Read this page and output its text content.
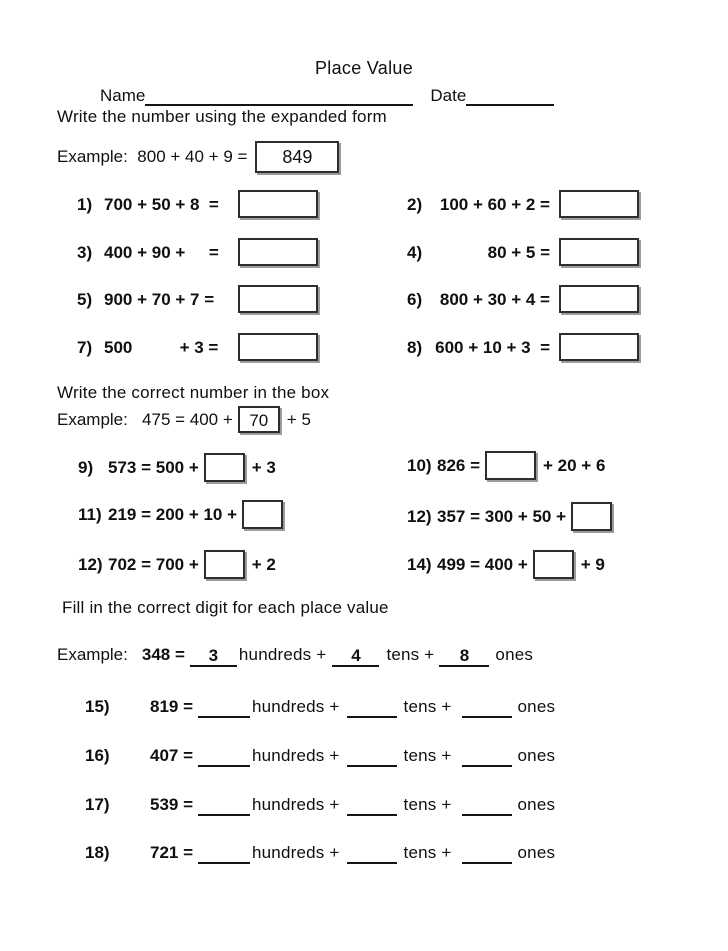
Place Value
Name	Date
Write the number using the expanded form
Example:  800 + 40 + 9 = 849
1) 700 + 50 + 8  =	2)	100 + 60 + 2 =
3) 400 + 90 +     =	4)	80 + 5 =
5) 900 + 70 + 7 =	6)	800 + 30 + 4 =
7) 500          + 3 =	8) 600 + 10 + 3  =
Write the correct number in the box
Example:   475 = 400 + 70 + 5
9) 573 = 500 +	+ 3	10) 826 =	+ 20 + 6
11) 219 = 200 + 10 +	12) 357 = 300 + 50 +
12) 702 = 700 +	+ 2	14) 499 = 400 +	+ 9
Fill in the correct digit for each place value
Example: 348 = 3 hundreds + 4 tens + 8 ones
15)	819 =	hundreds +	tens +	ones
16)	407 =	hundreds +	tens +	ones
17)	539 =	hundreds +	tens +	ones
18)	721 =	hundreds +	tens +	ones
